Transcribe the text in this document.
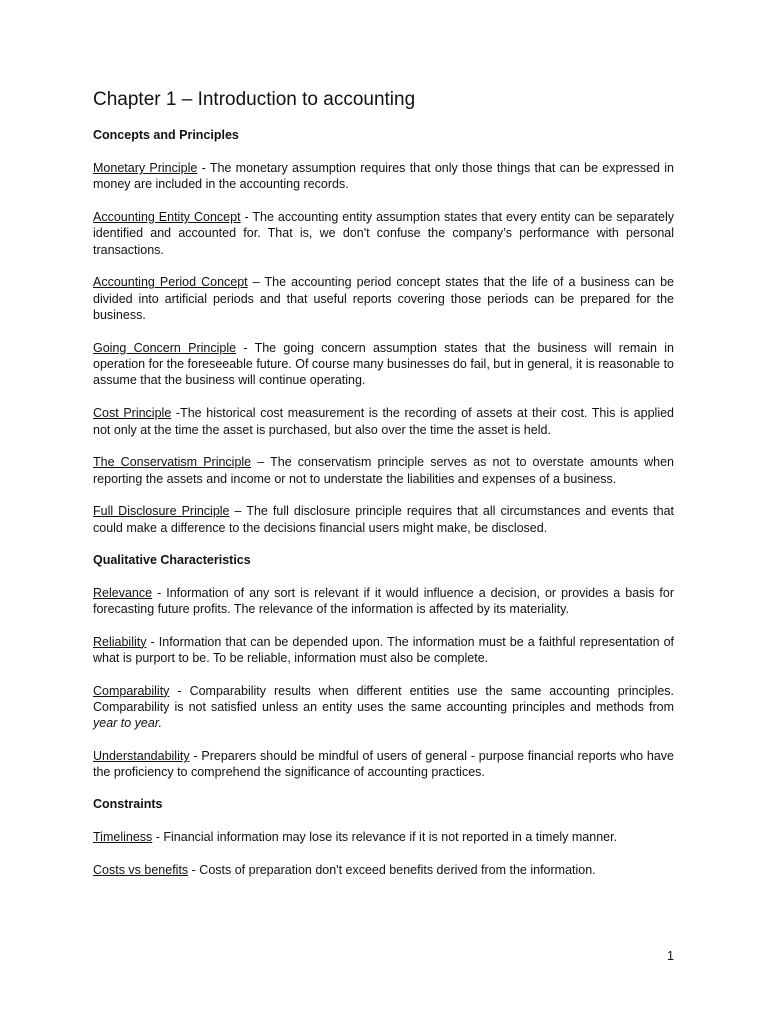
Chapter 1 – Introduction to accounting
Concepts and Principles

Monetary Principle - The monetary assumption requires that only those things that can be expressed in money are included in the accounting records.

Accounting Entity Concept - The accounting entity assumption states that every entity can be separately identified and accounted for. That is, we don't confuse the company’s performance with personal transactions.

Accounting Period Concept – The accounting period concept states that the life of a business can be divided into artificial periods and that useful reports covering those periods can be prepared for the business.

Going Concern Principle - The going concern assumption states that the business will remain in operation for the foreseeable future. Of course many businesses do fail, but in general, it is reasonable to assume that the business will continue operating.

Cost Principle -The historical cost measurement is the recording of assets at their cost. This is applied not only at the time the asset is purchased, but also over the time the asset is held.

The Conservatism Principle – The conservatism principle serves as not to overstate amounts when reporting the assets and income or not to understate the liabilities and expenses of a business.

Full Disclosure Principle – The full disclosure principle requires that all circumstances and events that could make a difference to the decisions financial users might make, be disclosed.

Qualitative Characteristics

Relevance - Information of any sort is relevant if it would influence a decision, or provides a basis for forecasting future profits. The relevance of the information is affected by its materiality.

Reliability - Information that can be depended upon. The information must be a faithful representation of what is purport to be. To be reliable, information must also be complete.

Comparability - Comparability results when different entities use the same accounting principles. Comparability is not satisfied unless an entity uses the same accounting principles and methods from year to year.

Understandability - Preparers should be mindful of users of general - purpose financial reports who have the proficiency to comprehend the significance of accounting practices.

Constraints

Timeliness - Financial information may lose its relevance if it is not reported in a timely manner.

Costs vs benefits - Costs of preparation don't exceed benefits derived from the information.

1
